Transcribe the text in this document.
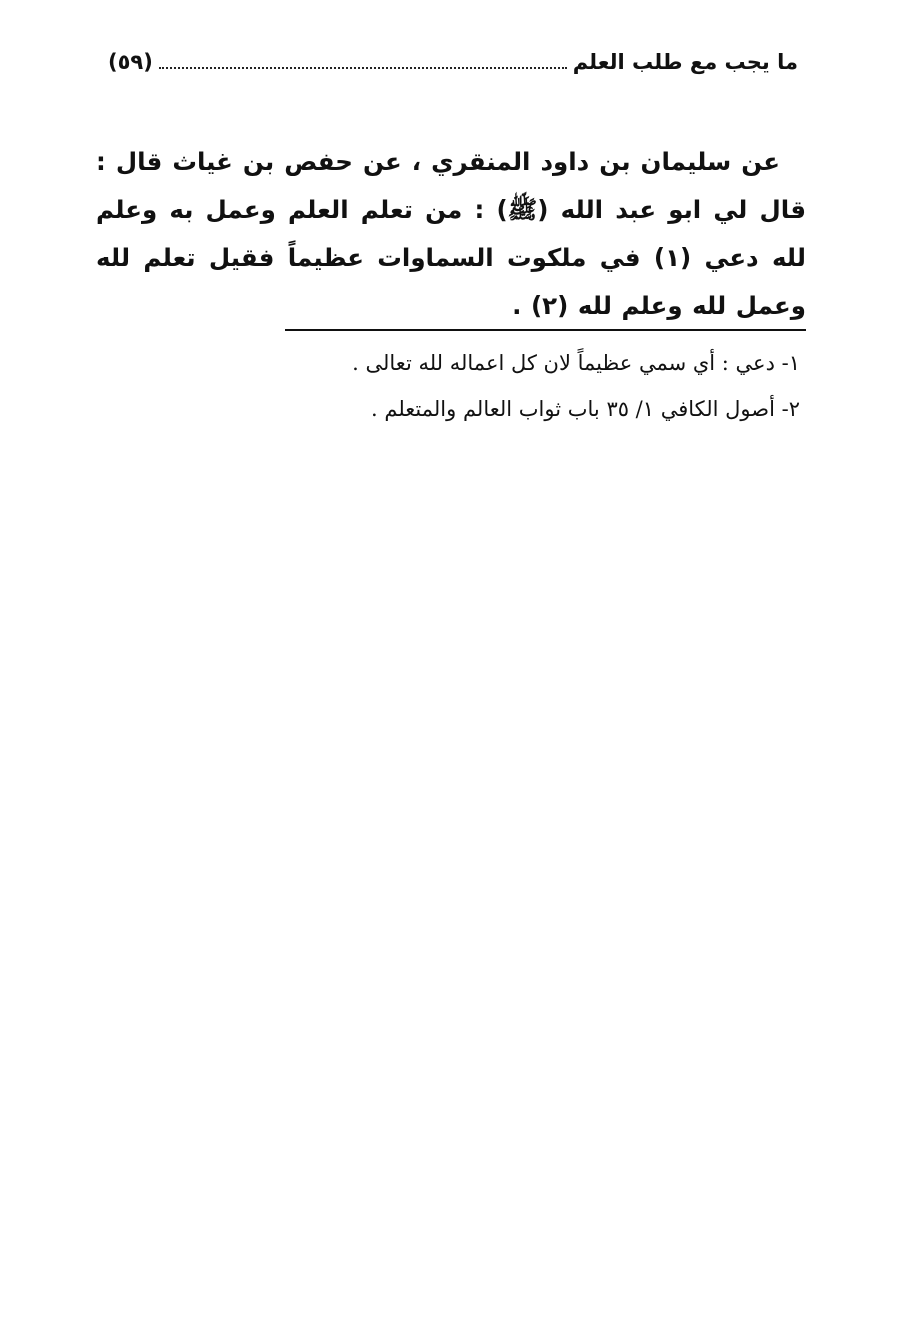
ما يجب مع طلب العلم
(٥٩)
عن سليمان بن داود المنقري ، عن حفص بن غياث قال : قال لي ابو عبد الله (ﷺ) : من تعلم العلم وعمل به وعلم لله دعي (١) في ملكوت السماوات عظيماً فقيل تعلم لله وعمل لله وعلم لله (٢) .
١- دعي : أي سمي عظيماً لان كل اعماله لله تعالى .
٢- أصول الكافي ١/ ٣٥ باب ثواب العالم والمتعلم .
